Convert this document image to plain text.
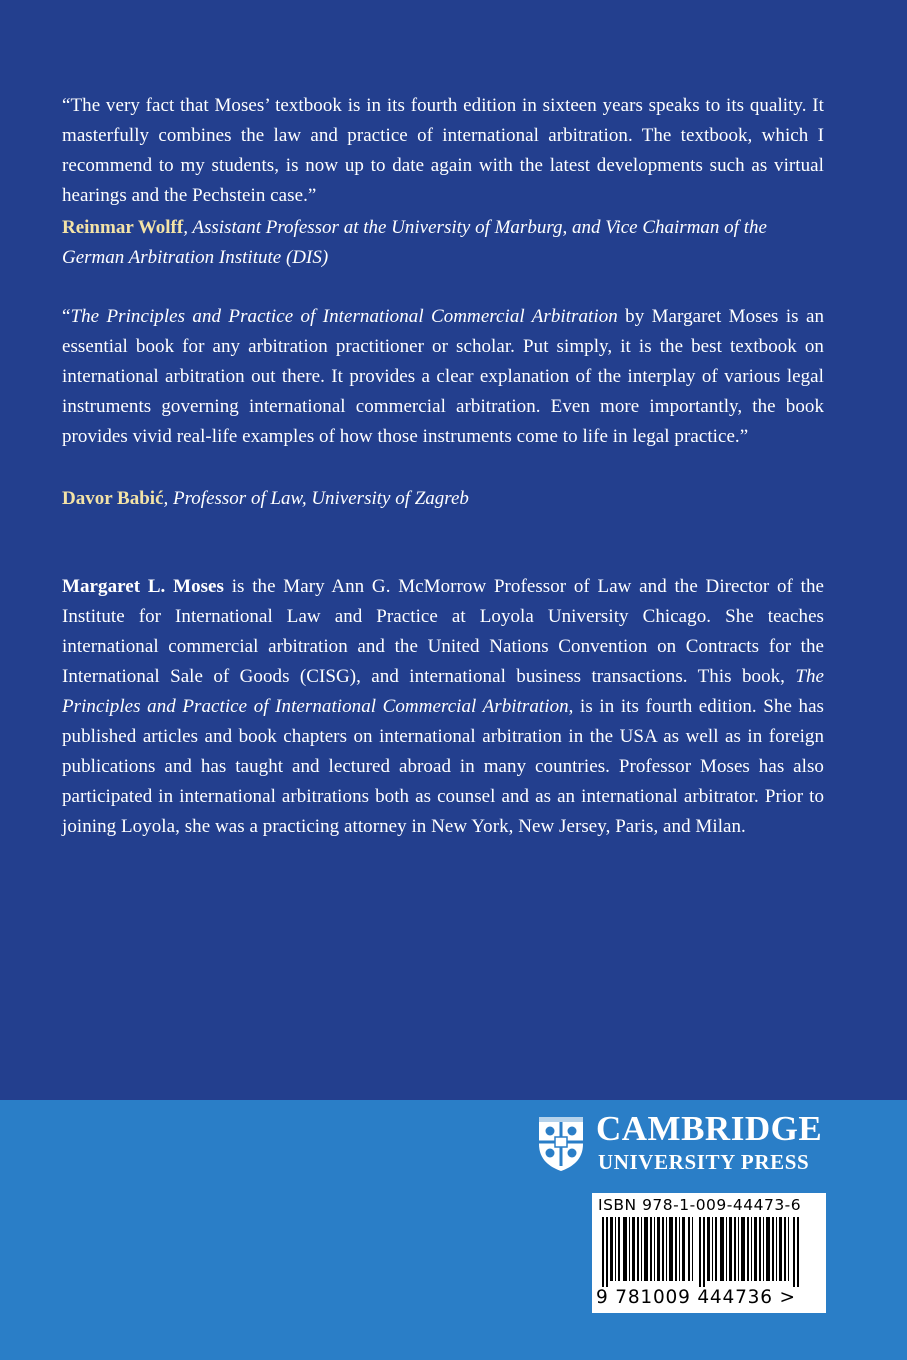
“The very fact that Moses’ textbook is in its fourth edition in sixteen years speaks to its quality. It masterfully combines the law and practice of international arbitration. The textbook, which I recommend to my students, is now up to date again with the latest developments such as virtual hearings and the Pechstein case.”

Reinmar Wolff, Assistant Professor at the University of Marburg, and Vice Chairman of the German Arbitration Institute (DIS)

“The Principles and Practice of International Commercial Arbitration by Margaret Moses is an essential book for any arbitration practitioner or scholar. Put simply, it is the best textbook on international arbitration out there. It provides a clear explanation of the interplay of various legal instruments governing international commercial arbitration. Even more importantly, the book provides vivid real-life examples of how those instruments come to life in legal practice.”

Davor Babić, Professor of Law, University of Zagreb

Margaret L. Moses is the Mary Ann G. McMorrow Professor of Law and the Director of the Institute for International Law and Practice at Loyola University Chicago. She teaches international commercial arbitration and the United Nations Convention on Contracts for the International Sale of Goods (CISG), and international business transactions. This book, The Principles and Practice of International Commercial Arbitration, is in its fourth edition. She has published articles and book chapters on international arbitration in the USA as well as in foreign publications and has taught and lectured abroad in many countries. Professor Moses has also participated in international arbitrations both as counsel and as an international arbitrator. Prior to joining Loyola, she was a practicing attorney in New York, New Jersey, Paris, and Milan.

CAMBRIDGE
UNIVERSITY PRESS
ISBN 978-1-009-44473-6
9 781009 444736 >
